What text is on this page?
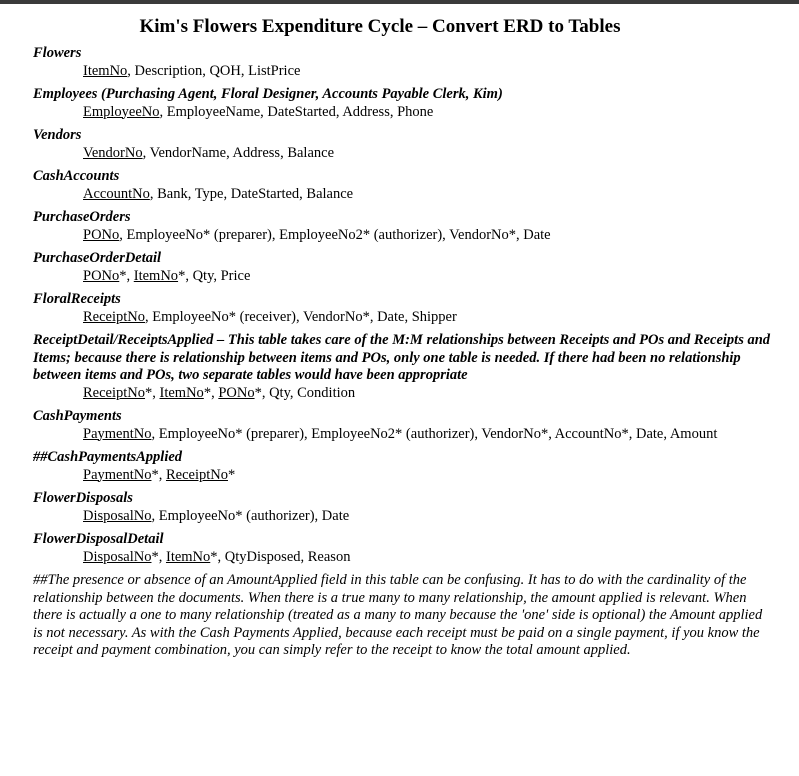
Kim's Flowers Expenditure Cycle – Convert ERD to Tables
Flowers
ItemNo, Description, QOH, ListPrice
Employees (Purchasing Agent, Floral Designer, Accounts Payable Clerk, Kim)
EmployeeNo, EmployeeName, DateStarted, Address, Phone
Vendors
VendorNo, VendorName, Address, Balance
CashAccounts
AccountNo, Bank, Type, DateStarted, Balance
PurchaseOrders
PONo, EmployeeNo* (preparer), EmployeeNo2* (authorizer), VendorNo*, Date
PurchaseOrderDetail
PONo*, ItemNo*, Qty, Price
FloralReceipts
ReceiptNo, EmployeeNo* (receiver), VendorNo*, Date, Shipper
ReceiptDetail/ReceiptsApplied – This table takes care of the M:M relationships between Receipts and POs and Receipts and Items; because there is relationship between items and POs, only one table is needed. If there had been no relationship between items and POs, two separate tables would have been appropriate
ReceiptNo*, ItemNo*, PONo*, Qty, Condition
CashPayments
PaymentNo, EmployeeNo* (preparer), EmployeeNo2* (authorizer), VendorNo*, AccountNo*, Date, Amount
##CashPaymentsApplied
PaymentNo*, ReceiptNo*
FlowerDisposals
DisposalNo, EmployeeNo* (authorizer), Date
FlowerDisposalDetail
DisposalNo*, ItemNo*, QtyDisposed, Reason
##The presence or absence of an AmountApplied field in this table can be confusing. It has to do with the cardinality of the relationship between the documents. When there is a true many to many relationship, the amount applied is relevant. When there is actually a one to many relationship (treated as a many to many because the 'one' side is optional) the Amount applied is not necessary. As with the Cash Payments Applied, because each receipt must be paid on a single payment, if you know the receipt and payment combination, you can simply refer to the receipt to know the total amount applied.
